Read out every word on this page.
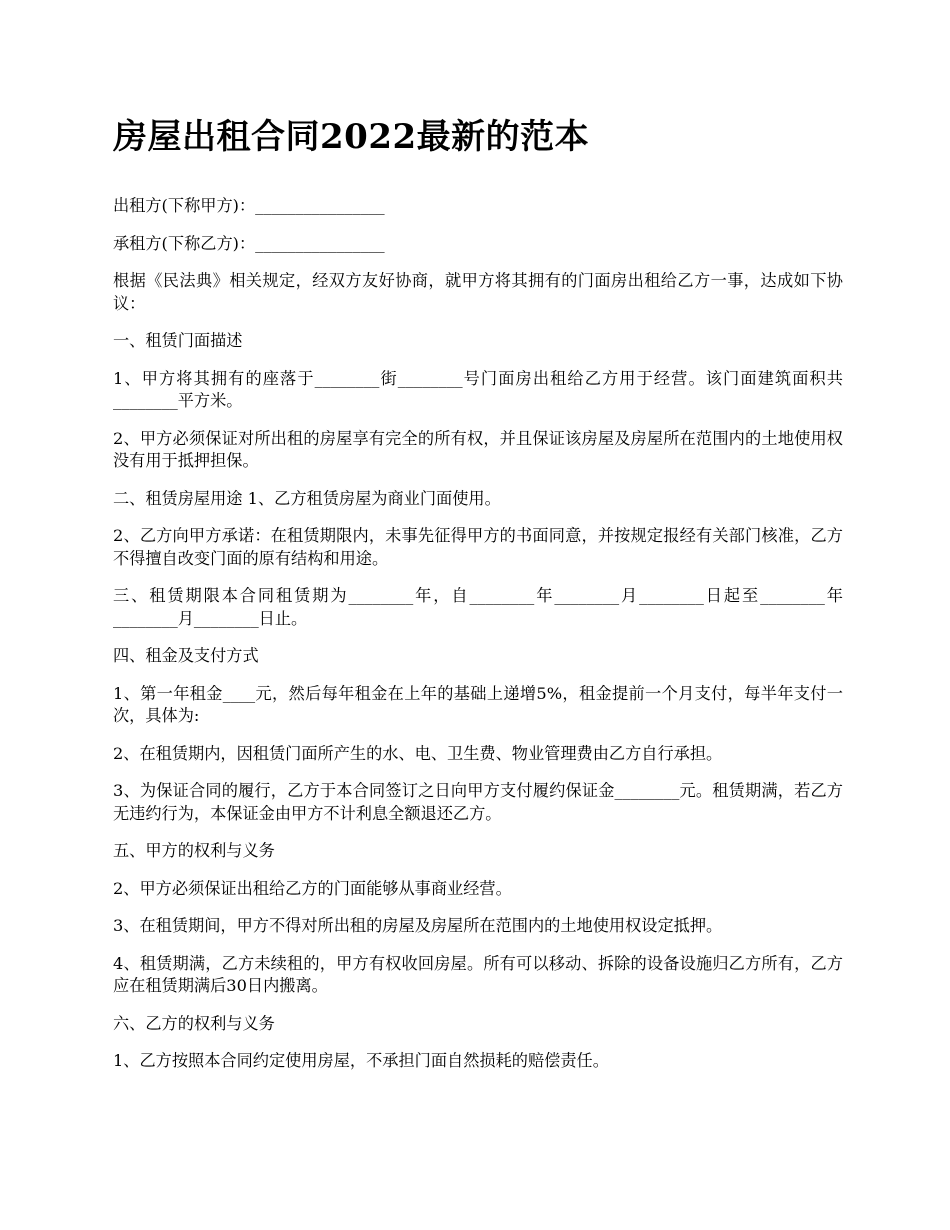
房屋出租合同2022最新的范本

出租方(下称甲方)：________________

承租方(下称乙方)：________________

根据《民法典》相关规定，经双方友好协商，就甲方将其拥有的门面房出租给乙方一事，达成如下协议：

一、租赁门面描述

1、甲方将其拥有的座落于________街________号门面房出租给乙方用于经营。该门面建筑面积共________平方米。

2、甲方必须保证对所出租的房屋享有完全的所有权，并且保证该房屋及房屋所在范围内的土地使用权没有用于抵押担保。

二、租赁房屋用途 1、乙方租赁房屋为商业门面使用。

2、乙方向甲方承诺：在租赁期限内，未事先征得甲方的书面同意，并按规定报经有关部门核准，乙方不得擅自改变门面的原有结构和用途。

三、租赁期限本合同租赁期为________年，自________年________月________日起至________年________月________日止。

四、租金及支付方式

1、第一年租金____元，然后每年租金在上年的基础上递增5%，租金提前一个月支付，每半年支付一次，具体为:

2、在租赁期内，因租赁门面所产生的水、电、卫生费、物业管理费由乙方自行承担。

3、为保证合同的履行，乙方于本合同签订之日向甲方支付履约保证金________元。租赁期满，若乙方无违约行为，本保证金由甲方不计利息全额退还乙方。

五、甲方的权利与义务

2、甲方必须保证出租给乙方的门面能够从事商业经营。

3、在租赁期间，甲方不得对所出租的房屋及房屋所在范围内的土地使用权设定抵押。

4、租赁期满，乙方未续租的，甲方有权收回房屋。所有可以移动、拆除的设备设施归乙方所有，乙方应在租赁期满后30日内搬离。

六、乙方的权利与义务

1、乙方按照本合同约定使用房屋，不承担门面自然损耗的赔偿责任。
